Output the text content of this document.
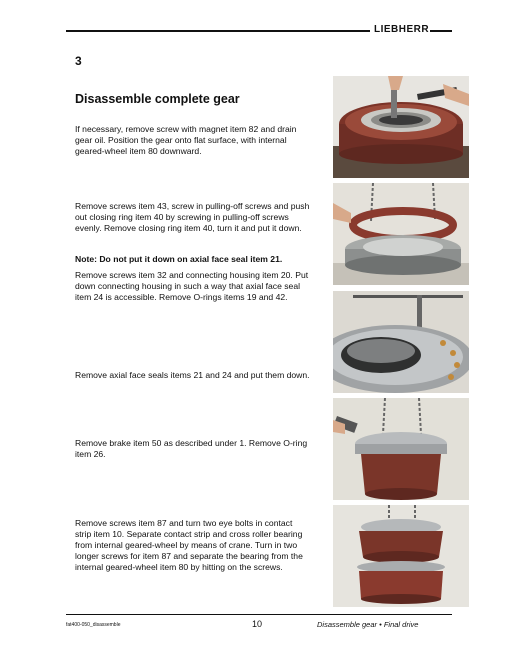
LIEBHERR
3
Disassemble complete gear
If necessary, remove screw with magnet item 82 and drain gear oil. Position the gear onto flat surface, with internal geared-wheel item 80 downward.
Remove screws item 43, screw in pulling-off screws and push out closing ring item 40 by screwing in pulling-off screws evenly. Remove closing ring item 40, turn it and put it down.
Note: Do not put it down on axial face seal item 21.
Remove screws item 32 and connecting housing item 20. Put down connecting housing in such a way that axial face seal item 24 is accessible. Remove O-rings items 19 and 42.
Remove axial face seals items 21 and 24 and put them down.
Remove brake item 50 as described under 1. Remove O-ring item 26.
Remove screws item 87 and turn two eye bolts in contact strip item 10. Separate contact strip and cross roller bearing from internal geared-wheel by means of crane. Turn in two longer screws for item 87 and separate the bearing from the internal geared-wheel item 80 by hitting on the screws.
fat400-050_disassemble	10	Disassemble gear • Final drive
